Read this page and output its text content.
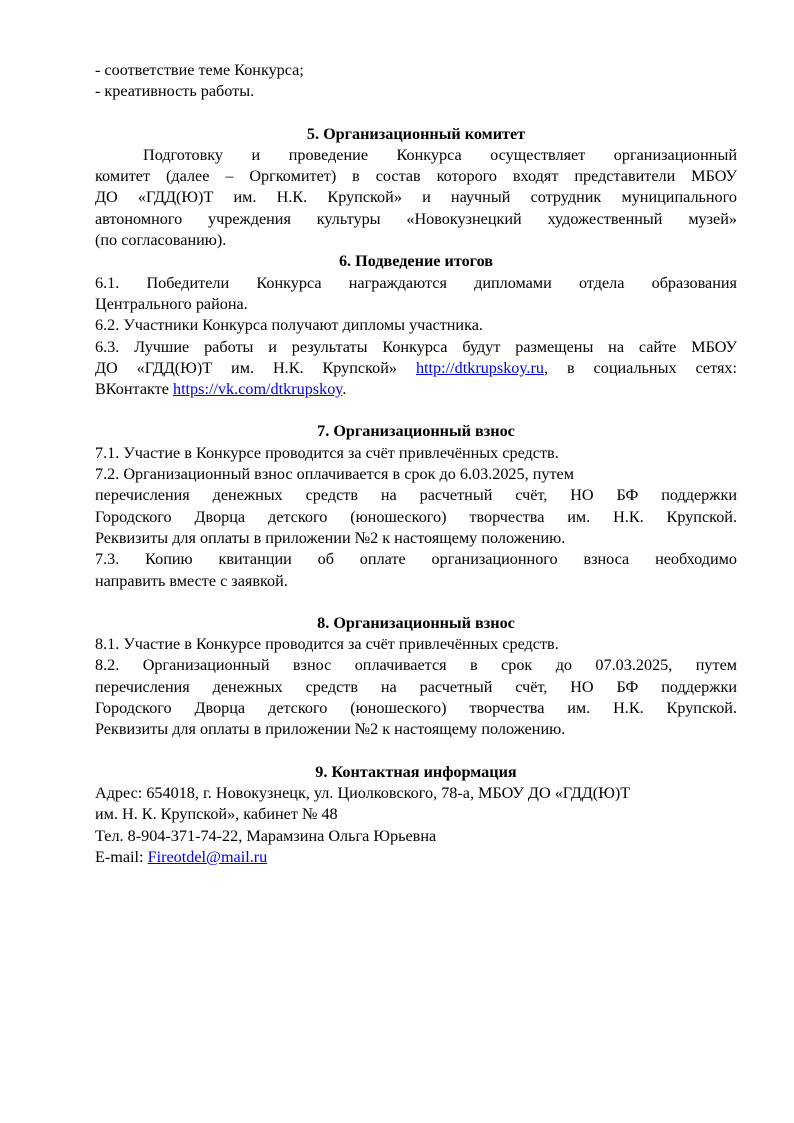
- соответствие теме Конкурса;
- креативность работы.
5. Организационный комитет
Подготовку и проведение Конкурса осуществляет организационный
комитет (далее – Оргкомитет) в состав которого входят представители МБОУ
ДО «ГДД(Ю)Т им. Н.К. Крупской» и научный сотрудник муниципального
автономного учреждения культуры «Новокузнецкий художественный музей»
(по согласованию).
6. Подведение итогов
6.1. Победители Конкурса награждаются дипломами отдела образования
Центрального района.
6.2. Участники Конкурса получают дипломы участника.
6.3. Лучшие работы и результаты Конкурса будут размещены на сайте МБОУ
ДО «ГДД(Ю)Т им. Н.К. Крупской» http://dtkrupskoy.ru, в социальных сетях:
ВКонтакте https://vk.com/dtkrupskoy.
7. Организационный взнос
7.1. Участие в Конкурсе проводится за счёт привлечённых средств.
7.2. Организационный взнос оплачивается в срок до 6.03.2025, путем
перечисления денежных средств на расчетный счёт, НО БФ поддержки
Городского Дворца детского (юношеского) творчества им. Н.К. Крупской.
Реквизиты для оплаты в приложении №2 к настоящему положению.
7.3. Копию квитанции об оплате организационного взноса необходимо
направить вместе с заявкой.
8. Организационный взнос
8.1. Участие в Конкурсе проводится за счёт привлечённых средств.
8.2. Организационный взнос оплачивается в срок до 07.03.2025, путем
перечисления денежных средств на расчетный счёт, НО БФ поддержки
Городского Дворца детского (юношеского) творчества им. Н.К. Крупской.
Реквизиты для оплаты в приложении №2 к настоящему положению.
9. Контактная информация
Адрес: 654018, г. Новокузнецк, ул. Циолковского, 78-а, МБОУ ДО «ГДД(Ю)Т
им. Н. К. Крупской», кабинет № 48
Тел. 8-904-371-74-22, Марамзина Ольга Юрьевна
E-mail: Fireotdel@mail.ru
